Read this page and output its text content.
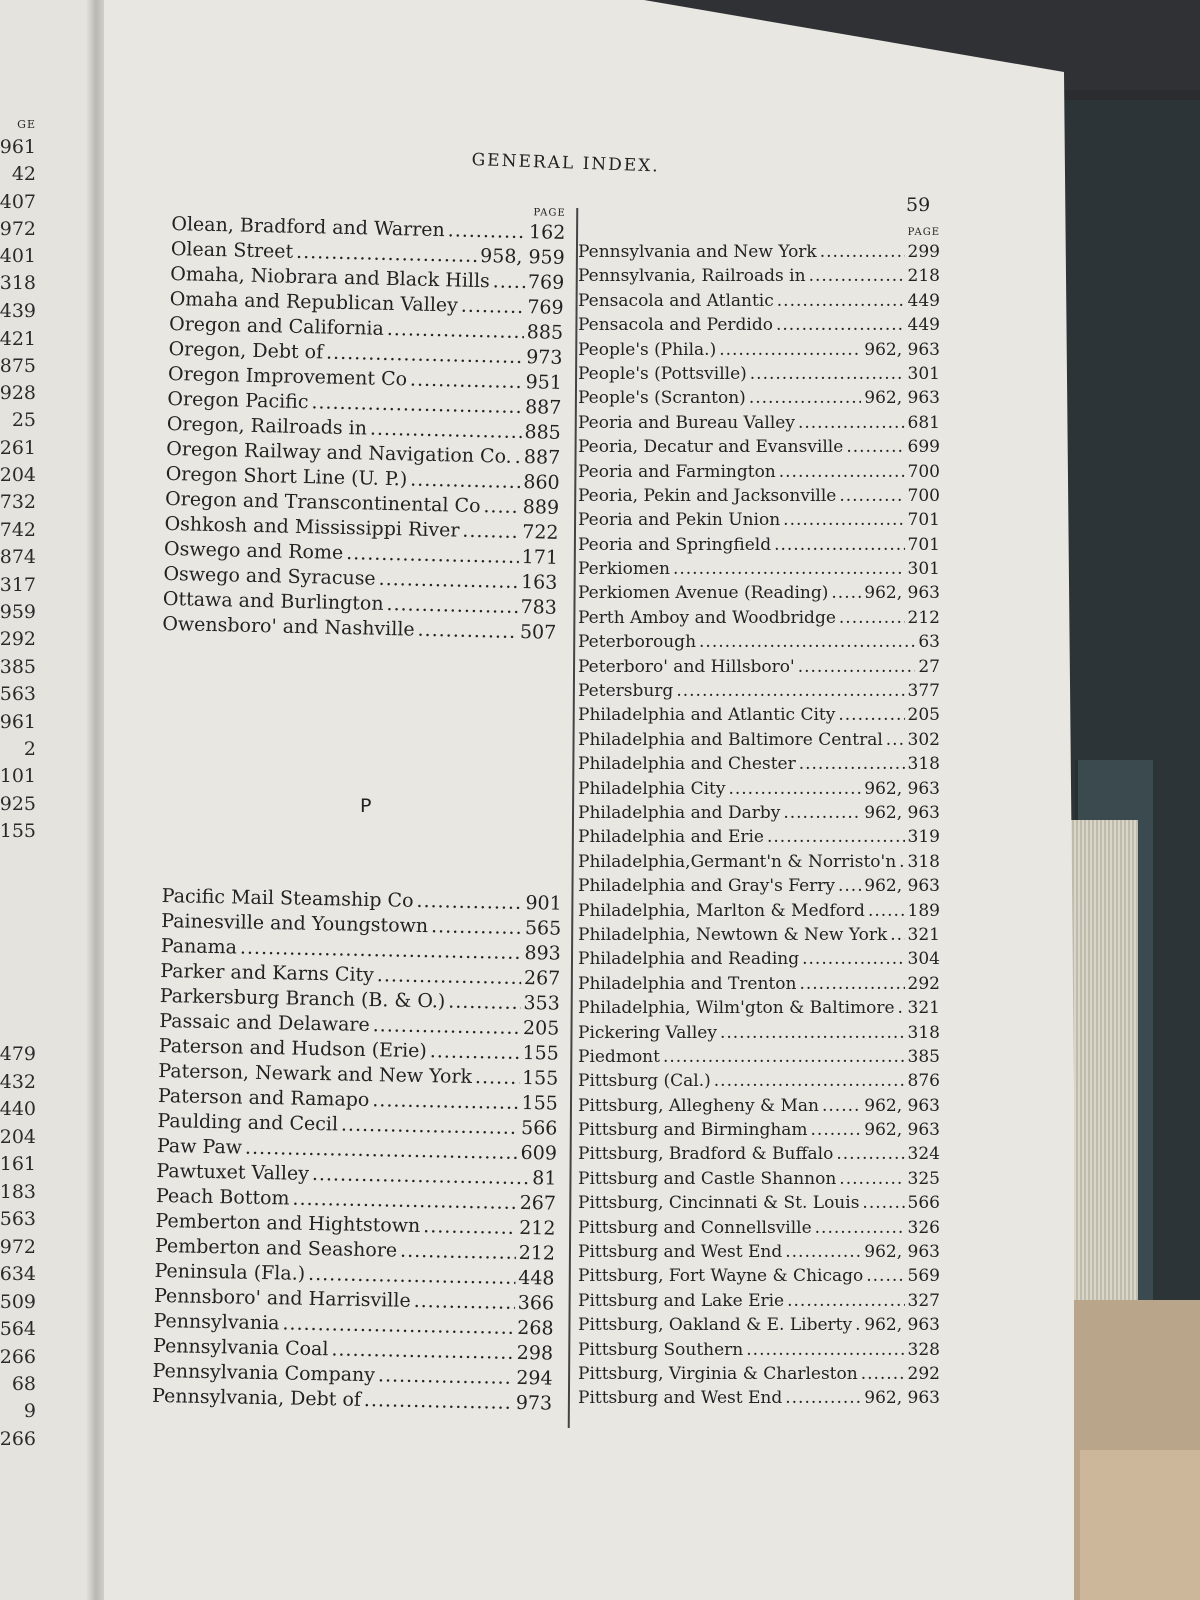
GE
961
42
407
972
401
318
439
421
875
928
25
261
204
732
742
874
317
959
292
385
563
961
2
101
925
155
479
432
440
204
161
183
563
972
634
509
564
266
68
9
266
GENERAL INDEX.
59
PAGE
Olean, Bradford and Warren .....	162
Olean Street .....	958, 959
Omaha, Niobrara and Black Hills ..... 769
Omaha and Republican Valley .....	769
Oregon and California .....	885
Oregon, Debt of .....	973
Oregon Improvement Co .....	951
Oregon Pacific .....	887
Oregon, Railroads in .....	885
Oregon Railway and Navigation Co. ..... 887
Oregon Short Line (U. P.) .....	860
Oregon and Transcontinental Co ..... 889
Oshkosh and Mississippi River .....	722
Oswego and Rome .....	171
Oswego and Syracuse .....	163
Ottawa and Burlington .....	783
Owensboro' and Nashville .....	507
P
Pacific Mail Steamship Co .....	901
Painesville and Youngstown .....	565
Panama .....	893
Parker and Karns City .....	267
Parkersburg Branch (B. & O.) .....	353
Passaic and Delaware .....	205
Paterson and Hudson (Erie) .....	155
Paterson, Newark and New York .....	155
Paterson and Ramapo .....	155
Paulding and Cecil .....	566
Paw Paw .....	609
Pawtuxet Valley .....	81
Peach Bottom .....	267
Pemberton and Hightstown .....	212
Pemberton and Seashore .....	212
Peninsula (Fla.) .....	448
Pennsboro' and Harrisville .....	366
Pennsylvania .....	268
Pennsylvania Coal .....	298
Pennsylvania Company .....	294
Pennsylvania, Debt of .....	973
PAGE
Pennsylvania and New York .....	299
Pennsylvania, Railroads in .....	218
Pensacola and Atlantic .....	449
Pensacola and Perdido .....	449
People's (Phila.) .....	962, 963
People's (Pottsville) .....	301
People's (Scranton) .....	962, 963
Peoria and Bureau Valley .....	681
Peoria, Decatur and Evansville .....	699
Peoria and Farmington .....	700
Peoria, Pekin and Jacksonville .....	700
Peoria and Pekin Union .....	701
Peoria and Springfield .....	701
Perkiomen .....	301
Perkiomen Avenue (Reading) ..... 962, 963
Perth Amboy and Woodbridge .....	212
Peterborough .....	63
Peterboro' and Hillsboro' .....	27
Petersburg .....	377
Philadelphia and Atlantic City .....	205
Philadelphia and Baltimore Central ..... 302
Philadelphia and Chester .....	318
Philadelphia City .....	962, 963
Philadelphia and Darby .....	962, 963
Philadelphia and Erie .....	319
Philadelphia,Germant'n & Norristo'n ..... 318
Philadelphia and Gray's Ferry ..... 962, 963
Philadelphia, Marlton & Medford .....	189
Philadelphia, Newtown & New York ..... 321
Philadelphia and Reading .....	304
Philadelphia and Trenton .....	292
Philadelphia, Wilm'gton & Baltimore ..... 321
Pickering Valley .....	318
Piedmont .....	385
Pittsburg (Cal.) .....	876
Pittsburg, Allegheny & Man .....	962, 963
Pittsburg and Birmingham .....	962, 963
Pittsburg, Bradford & Buffalo .....	324
Pittsburg and Castle Shannon .....	325
Pittsburg, Cincinnati & St. Louis .....	566
Pittsburg and Connellsville .....	326
Pittsburg and West End .....	962, 963
Pittsburg, Fort Wayne & Chicago .....	569
Pittsburg and Lake Erie .....	327
Pittsburg, Oakland & E. Liberty ..... 962, 963
Pittsburg Southern .....	328
Pittsburg, Virginia & Charleston .....	292
Pittsburg and West End .....	962, 963
